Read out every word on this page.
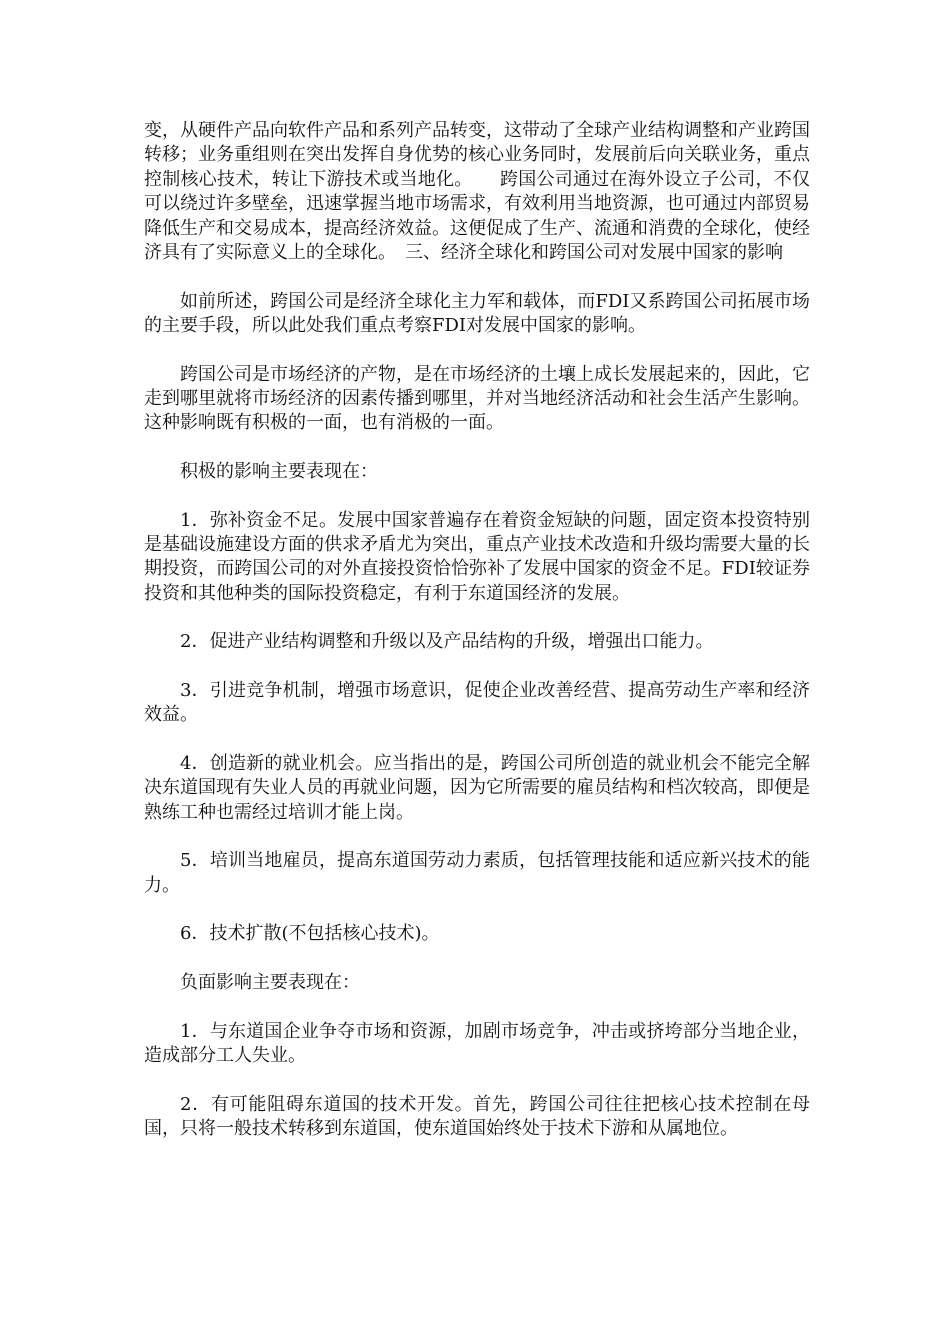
变，从硬件产品向软件产品和系列产品转变，这带动了全球产业结构调整和产业跨国转移；业务重组则在突出发挥自身优势的核心业务同时，发展前后向关联业务，重点控制核心技术，转让下游技术或当地化。　　跨国公司通过在海外设立子公司，不仅可以绕过许多壁垒，迅速掌握当地市场需求，有效利用当地资源，也可通过内部贸易降低生产和交易成本，提高经济效益。这便促成了生产、流通和消费的全球化，使经济具有了实际意义上的全球化。　三、经济全球化和跨国公司对发展中国家的影响

如前所述，跨国公司是经济全球化主力军和载体，而FDI又系跨国公司拓展市场的主要手段，所以此处我们重点考察FDI对发展中国家的影响。

跨国公司是市场经济的产物，是在市场经济的土壤上成长发展起来的，因此，它走到哪里就将市场经济的因素传播到哪里，并对当地经济活动和社会生活产生影响。这种影响既有积极的一面，也有消极的一面。

积极的影响主要表现在：

1．弥补资金不足。发展中国家普遍存在着资金短缺的问题，固定资本投资特别是基础设施建设方面的供求矛盾尤为突出，重点产业技术改造和升级均需要大量的长期投资，而跨国公司的对外直接投资恰恰弥补了发展中国家的资金不足。FDI较证券投资和其他种类的国际投资稳定，有利于东道国经济的发展。

2．促进产业结构调整和升级以及产品结构的升级，增强出口能力。

3．引进竞争机制，增强市场意识，促使企业改善经营、提高劳动生产率和经济效益。

4．创造新的就业机会。应当指出的是，跨国公司所创造的就业机会不能完全解决东道国现有失业人员的再就业问题，因为它所需要的雇员结构和档次较高，即便是熟练工种也需经过培训才能上岗。

5．培训当地雇员，提高东道国劳动力素质，包括管理技能和适应新兴技术的能力。

6．技术扩散(不包括核心技术)。

负面影响主要表现在：

1．与东道国企业争夺市场和资源，加剧市场竞争，冲击或挤垮部分当地企业，造成部分工人失业。

2．有可能阻碍东道国的技术开发。首先，跨国公司往往把核心技术控制在母国，只将一般技术转移到东道国，使东道国始终处于技术下游和从属地位。
